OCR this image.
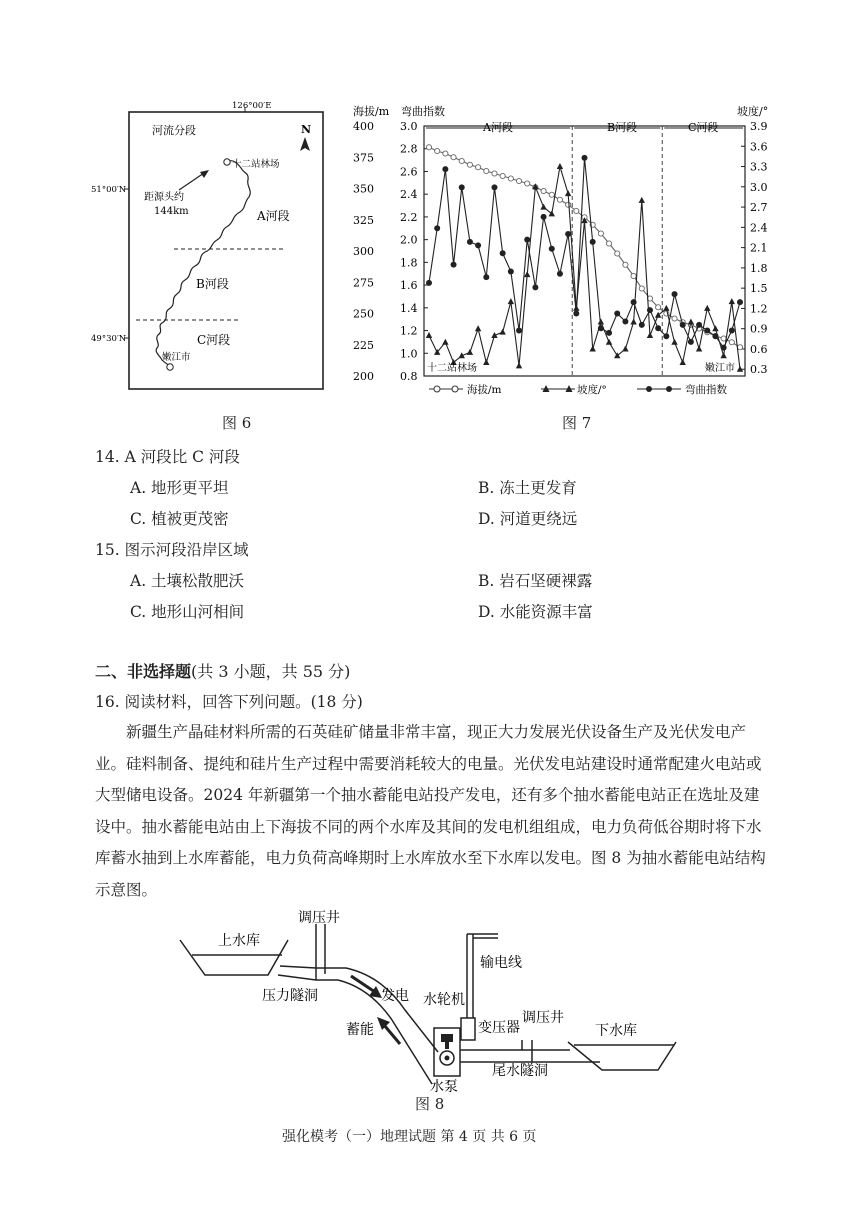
126°00′E
51°00′N
49°30′N
河流分段	N
十二站林场
距源头约
144km	A河段
B河段
C河段
嫩江市
图 6
海拔/m 弯曲指数	坡度/°
200
225
250
275
300
325
350
375
400
0.8
1.0
1.2
1.4
1.6
1.8
2.0
2.2
2.4
2.6
2.8
3.0
0.3
0.6
0.9
1.2
1.5
1.8
2.1
2.4
2.7
3.0
3.3
3.6
3.9
A河段	B河段	C河段
十二站林场	嫩江市
海拔/m	坡度/°	弯曲指数
图 7
14. A 河段比 C 河段
A. 地形更平坦	B. 冻土更发育
C. 植被更茂密	D. 河道更绕远
15. 图示河段沿岸区域
A. 土壤松散肥沃	B. 岩石坚硬裸露
C. 地形山河相间	D. 水能资源丰富
二、非选择题(共 3 小题，共 55 分)
16. 阅读材料，回答下列问题。(18 分)
新疆生产晶硅材料所需的石英硅矿储量非常丰富，现正大力发展光伏设备生产及光伏发电产业。硅料制备、提纯和硅片生产过程中需要消耗较大的电量。光伏发电站建设时通常配建火电站或大型储电设备。2024 年新疆第一个抽水蓄能电站投产发电，还有多个抽水蓄能电站正在选址及建设中。抽水蓄能电站由上下海拔不同的两个水库及其间的发电机组组成，电力负荷低谷期时将下水库蓄水抽到上水库蓄能，电力负荷高峰期时上水库放水至下水库以发电。图 8 为抽水蓄能电站结构示意图。
上水库
调压井
压力隧洞	发电
蓄能
输电线
水轮机
变压器
调压井
下水库
水泵
尾水隧洞
图 8
强化模考（一）地理试题 第 4 页 共 6 页
